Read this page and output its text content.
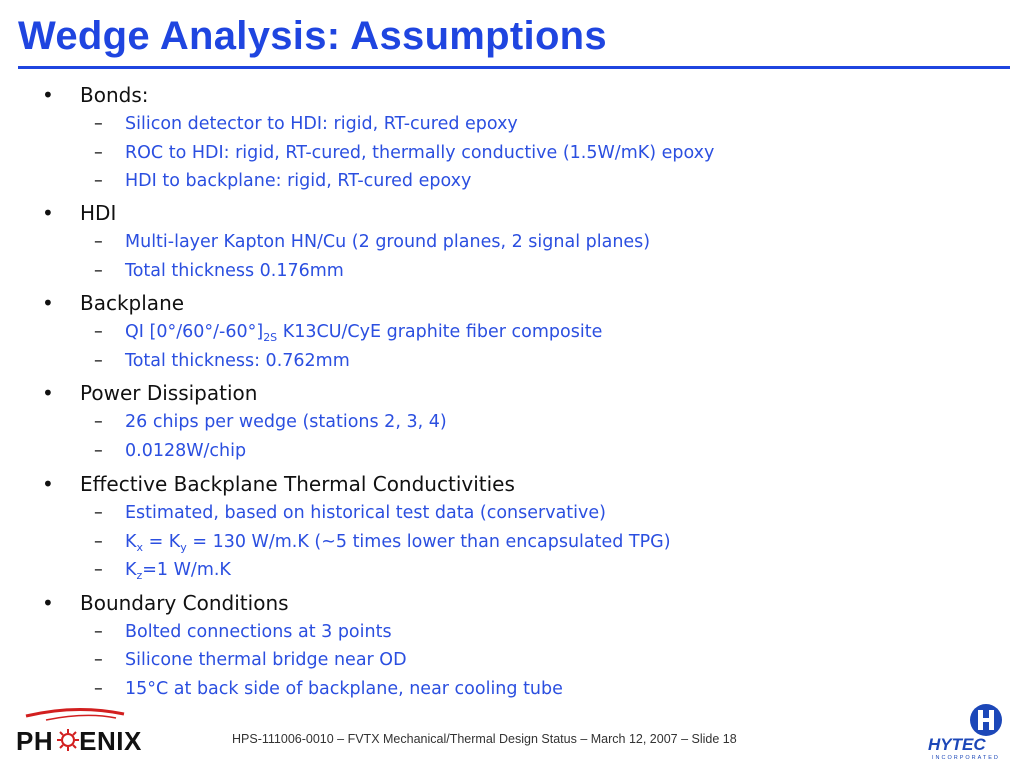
Wedge Analysis: Assumptions
• Bonds:
– Silicon detector to HDI: rigid, RT-cured epoxy
– ROC to HDI: rigid, RT-cured, thermally conductive (1.5W/mK) epoxy
– HDI to backplane: rigid, RT-cured epoxy
• HDI
– Multi-layer Kapton HN/Cu (2 ground planes, 2 signal planes)
– Total thickness 0.176mm
• Backplane
– QI $[0^\circ/60^\circ/-60^\circ]_{2S}$ K13CU/CyE graphite fiber composite
– Total thickness: 0.762mm
• Power Dissipation
– 26 chips per wedge (stations 2, 3, 4)
– 0.0128W/chip
• Effective Backplane Thermal Conductivities
– Estimated, based on historical test data (conservative)
– $K_x = K_y = 130$ W/m.K (~5 times lower than encapsulated TPG)
– $K_z=1$ W/m.K
• Boundary Conditions
– Bolted connections at 3 points
– Silicone thermal bridge near OD
– 15°C at back side of backplane, near cooling tube
PH ENIX	HPS-111006-0010 – FVTX Mechanical/Thermal Design Status – March 12, 2007 – Slide 18	HYTEC
INCORPORATED
